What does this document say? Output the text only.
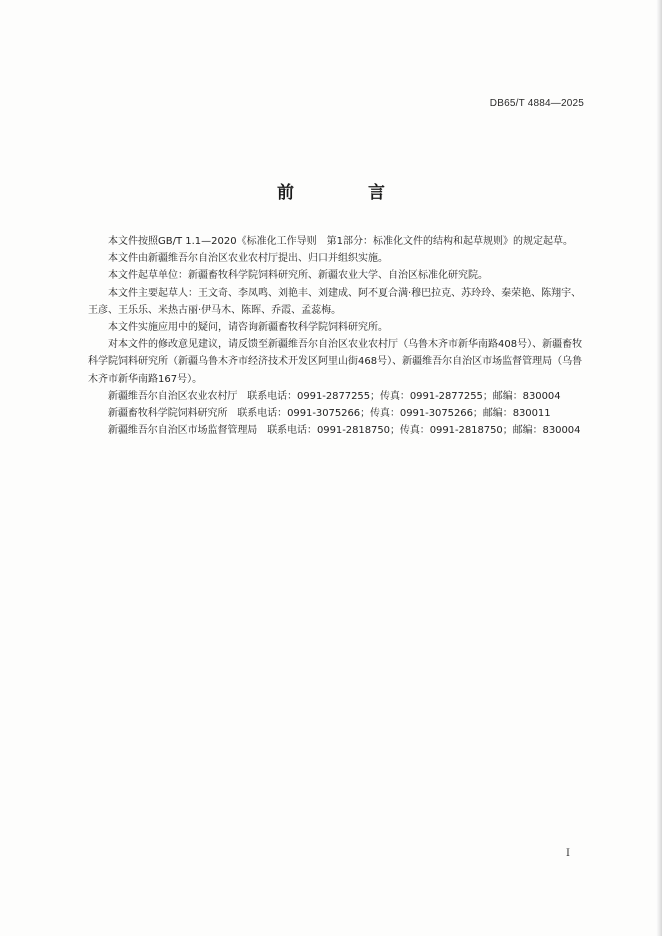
DB65/T 4884—2025
前 言

本文件按照GB/T 1.1—2020《标准化工作导则　第1部分：标准化文件的结构和起草规则》的规定起草。

本文件由新疆维吾尔自治区农业农村厅提出、归口并组织实施。

本文件起草单位：新疆畜牧科学院饲料研究所、新疆农业大学、自治区标准化研究院。

本文件主要起草人：王文奇、李凤鸣、刘艳丰、刘建成、阿不夏合满·穆巴拉克、苏玲玲、秦荣艳、陈翔宇、王彦、王乐乐、米热古丽·伊马木、陈晖、乔霞、孟蕊梅。

本文件实施应用中的疑问，请咨询新疆畜牧科学院饲料研究所。

对本文件的修改意见建议，请反馈至新疆维吾尔自治区农业农村厅（乌鲁木齐市新华南路408号）、新疆畜牧科学院饲料研究所（新疆乌鲁木齐市经济技术开发区阿里山街468号）、新疆维吾尔自治区市场监督管理局（乌鲁木齐市新华南路167号）。

新疆维吾尔自治区农业农村厅　联系电话：0991-2877255；传真：0991-2877255；邮编：830004

新疆畜牧科学院饲料研究所　联系电话：0991-3075266；传真：0991-3075266；邮编：830011

新疆维吾尔自治区市场监督管理局　联系电话：0991-2818750；传真：0991-2818750；邮编：830004

I
